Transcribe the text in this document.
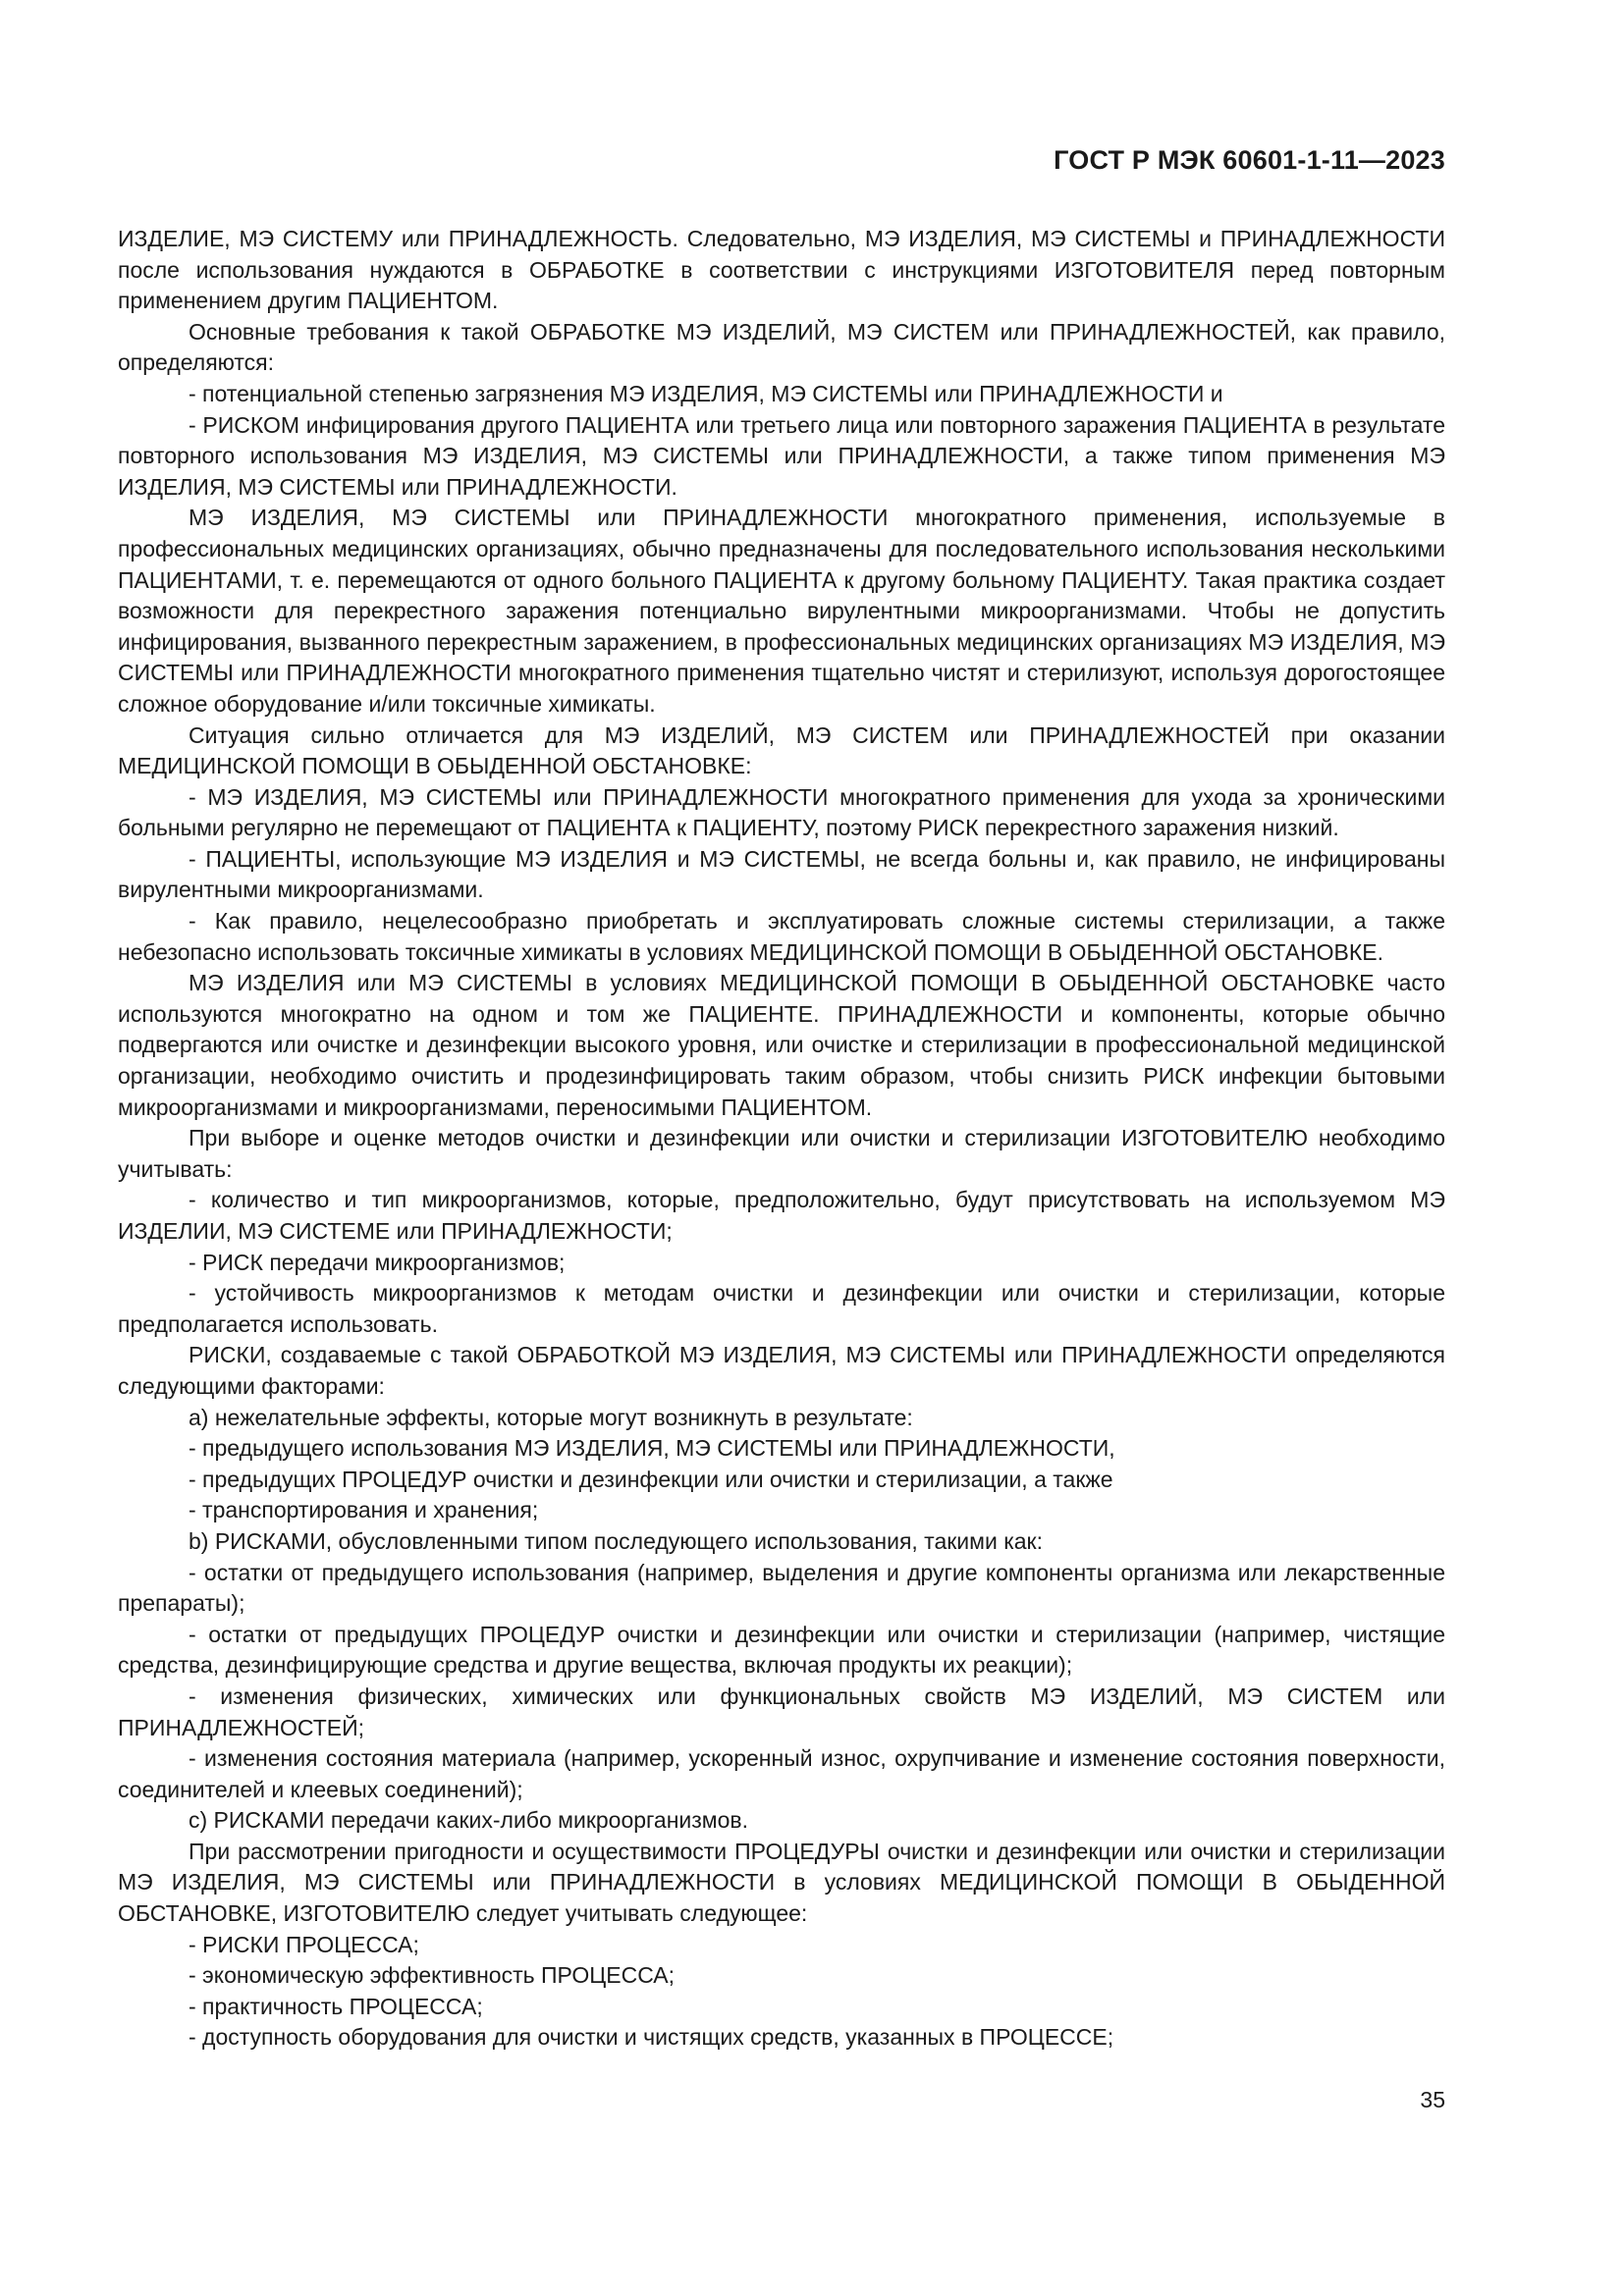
ГОСТ Р МЭК 60601-1-11—2023

ИЗДЕЛИЕ, МЭ СИСТЕМУ или ПРИНАДЛЕЖНОСТЬ. Следовательно, МЭ ИЗДЕЛИЯ, МЭ СИСТЕМЫ и ПРИНАДЛЕЖНОСТИ после использования нуждаются в ОБРАБОТКЕ в соответствии с инструкциями ИЗГОТОВИТЕЛЯ перед повторным применением другим ПАЦИЕНТОМ.

Основные требования к такой ОБРАБОТКЕ МЭ ИЗДЕЛИЙ, МЭ СИСТЕМ или ПРИНАДЛЕЖНОСТЕЙ, как правило, определяются:

- потенциальной степенью загрязнения МЭ ИЗДЕЛИЯ, МЭ СИСТЕМЫ или ПРИНАДЛЕЖНОСТИ и

- РИСКОМ инфицирования другого ПАЦИЕНТА или третьего лица или повторного заражения ПАЦИЕНТА в результате повторного использования МЭ ИЗДЕЛИЯ, МЭ СИСТЕМЫ или ПРИНАДЛЕЖНОСТИ, а также типом применения МЭ ИЗДЕЛИЯ, МЭ СИСТЕМЫ или ПРИНАДЛЕЖНОСТИ.

МЭ ИЗДЕЛИЯ, МЭ СИСТЕМЫ или ПРИНАДЛЕЖНОСТИ многократного применения, используемые в профессиональных медицинских организациях, обычно предназначены для последовательного использования несколькими ПАЦИЕНТАМИ, т. е. перемещаются от одного больного ПАЦИЕНТА к другому больному ПАЦИЕНТУ. Такая практика создает возможности для перекрестного заражения потенциально вирулентными микроорганизмами. Чтобы не допустить инфицирования, вызванного перекрестным заражением, в профессиональных медицинских организациях МЭ ИЗДЕЛИЯ, МЭ СИСТЕМЫ или ПРИНАДЛЕЖНОСТИ многократного применения тщательно чистят и стерилизуют, используя дорогостоящее сложное оборудование и/или токсичные химикаты.

Ситуация сильно отличается для МЭ ИЗДЕЛИЙ, МЭ СИСТЕМ или ПРИНАДЛЕЖНОСТЕЙ при оказании МЕДИЦИНСКОЙ ПОМОЩИ В ОБЫДЕННОЙ ОБСТАНОВКЕ:

- МЭ ИЗДЕЛИЯ, МЭ СИСТЕМЫ или ПРИНАДЛЕЖНОСТИ многократного применения для ухода за хроническими больными регулярно не перемещают от ПАЦИЕНТА к ПАЦИЕНТУ, поэтому РИСК перекрестного заражения низкий.

- ПАЦИЕНТЫ, использующие МЭ ИЗДЕЛИЯ и МЭ СИСТЕМЫ, не всегда больны и, как правило, не инфицированы вирулентными микроорганизмами.

- Как правило, нецелесообразно приобретать и эксплуатировать сложные системы стерилизации, а также небезопасно использовать токсичные химикаты в условиях МЕДИЦИНСКОЙ ПОМОЩИ В ОБЫДЕННОЙ ОБСТАНОВКЕ.

МЭ ИЗДЕЛИЯ или МЭ СИСТЕМЫ в условиях МЕДИЦИНСКОЙ ПОМОЩИ В ОБЫДЕННОЙ ОБСТАНОВКЕ часто используются многократно на одном и том же ПАЦИЕНТЕ. ПРИНАДЛЕЖНОСТИ и компоненты, которые обычно подвергаются или очистке и дезинфекции высокого уровня, или очистке и стерилизации в профессиональной медицинской организации, необходимо очистить и продезинфицировать таким образом, чтобы снизить РИСК инфекции бытовыми микроорганизмами и микроорганизмами, переносимыми ПАЦИЕНТОМ.

При выборе и оценке методов очистки и дезинфекции или очистки и стерилизации ИЗГОТОВИТЕЛЮ необходимо учитывать:

- количество и тип микроорганизмов, которые, предположительно, будут присутствовать на используемом МЭ ИЗДЕЛИИ, МЭ СИСТЕМЕ или ПРИНАДЛЕЖНОСТИ;

- РИСК передачи микроорганизмов;

- устойчивость микроорганизмов к методам очистки и дезинфекции или очистки и стерилизации, которые предполагается использовать.

РИСКИ, создаваемые с такой ОБРАБОТКОЙ МЭ ИЗДЕЛИЯ, МЭ СИСТЕМЫ или ПРИНАДЛЕЖНОСТИ определяются следующими факторами:

a) нежелательные эффекты, которые могут возникнуть в результате:

- предыдущего использования МЭ ИЗДЕЛИЯ, МЭ СИСТЕМЫ или ПРИНАДЛЕЖНОСТИ,

- предыдущих ПРОЦЕДУР очистки и дезинфекции или очистки и стерилизации, а также

- транспортирования и хранения;

b) РИСКАМИ, обусловленными типом последующего использования, такими как:

- остатки от предыдущего использования (например, выделения и другие компоненты организма или лекарственные препараты);

- остатки от предыдущих ПРОЦЕДУР очистки и дезинфекции или очистки и стерилизации (например, чистящие средства, дезинфицирующие средства и другие вещества, включая продукты их реакции);

- изменения физических, химических или функциональных свойств МЭ ИЗДЕЛИЙ, МЭ СИСТЕМ или ПРИНАДЛЕЖНОСТЕЙ;

- изменения состояния материала (например, ускоренный износ, охрупчивание и изменение состояния поверхности, соединителей и клеевых соединений);

c) РИСКАМИ передачи каких-либо микроорганизмов.

При рассмотрении пригодности и осуществимости ПРОЦЕДУРЫ очистки и дезинфекции или очистки и стерилизации МЭ ИЗДЕЛИЯ, МЭ СИСТЕМЫ или ПРИНАДЛЕЖНОСТИ в условиях МЕДИЦИНСКОЙ ПОМОЩИ В ОБЫДЕННОЙ ОБСТАНОВКЕ, ИЗГОТОВИТЕЛЮ следует учитывать следующее:

- РИСКИ ПРОЦЕССА;

- экономическую эффективность ПРОЦЕССА;

- практичность ПРОЦЕССА;

- доступность оборудования для очистки и чистящих средств, указанных в ПРОЦЕССЕ;

35
